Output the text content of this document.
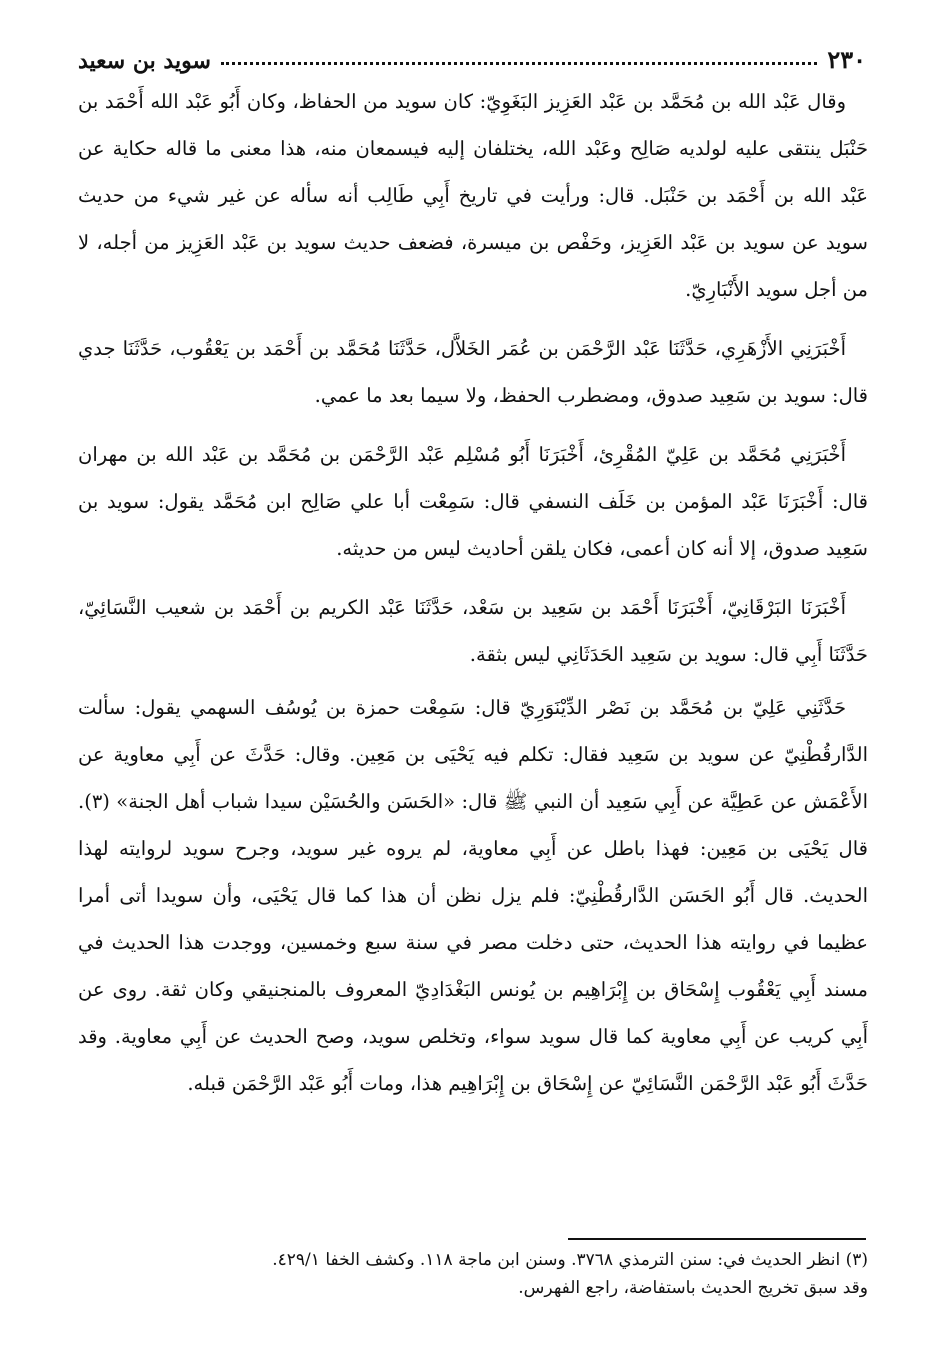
٢٣٠
سويد بن سعيد

وقال عَبْد الله بن مُحَمَّد بن عَبْد العَزِيز البَغَوِيّ: كان سويد من الحفاظ، وكان أَبُو عَبْد الله أَحْمَد بن حَنْبَل ينتقى عليه لولديه صَالِح وعَبْد الله، يختلفان إليه فيسمعان منه، هذا معنى ما قاله حكاية عن عَبْد الله بن أَحْمَد بن حَنْبَل. قال: ورأيت في تاريخ أَبِي طَالِب أنه سأله عن غير شيء من حديث سويد عن سويد بن عَبْد العَزِيز، وحَفْص بن ميسرة، فضعف حديث سويد بن عَبْد العَزِيز من أجله، لا من أجل سويد الأَنْبَارِيّ.

أَخْبَرَنِي الأَزْهَرِي، حَدَّثَنَا عَبْد الرَّحْمَن بن عُمَر الخَلاَّل، حَدَّثَنَا مُحَمَّد بن أَحْمَد بن يَعْقُوب، حَدَّثَنَا جدي قال: سويد بن سَعِيد صدوق، ومضطرب الحفظ، ولا سيما بعد ما عمي.

أَخْبَرَنِي مُحَمَّد بن عَلِيّ المُقْرِئ، أَخْبَرَنَا أَبُو مُسْلِم عَبْد الرَّحْمَن بن مُحَمَّد بن عَبْد الله بن مهران قال: أَخْبَرَنَا عَبْد المؤمن بن خَلَف النسفي قال: سَمِعْت أبا علي صَالِح ابن مُحَمَّد يقول: سويد بن سَعِيد صدوق، إلا أنه كان أعمى، فكان يلقن أحاديث ليس من حديثه.

أَخْبَرَنَا البَرْقَانِيّ، أَخْبَرَنَا أَحْمَد بن سَعِيد بن سَعْد، حَدَّثَنَا عَبْد الكريم بن أَحْمَد بن شعيب النَّسَائِيّ، حَدَّثَنَا أَبِي قال: سويد بن سَعِيد الحَدَثَانِي ليس بثقة.

حَدَّثَنِي عَلِيّ بن مُحَمَّد بن نَصْر الدِّيْنَوَرِيّ قال: سَمِعْت حمزة بن يُوسُف السهمي يقول: سألت الدَّارقُطْنِيّ عن سويد بن سَعِيد فقال: تكلم فيه يَحْيَى بن مَعِين. وقال: حَدَّثَ عن أَبِي معاوية عن الأَعْمَش عن عَطِيَّة عن أَبِي سَعِيد أن النبي ﷺ قال: «الحَسَن والحُسَيْن سيدا شباب أهل الجنة» (٣). قال يَحْيَى بن مَعِين: فهذا باطل عن أَبِي معاوية، لم يروه غير سويد، وجرح سويد لروايته لهذا الحديث. قال أَبُو الحَسَن الدَّارقُطْنِيّ: فلم يزل نظن أن هذا كما قال يَحْيَى، وأن سويدا أتى أمرا عظيما في روايته هذا الحديث، حتى دخلت مصر في سنة سبع وخمسين، ووجدت هذا الحديث في مسند أَبِي يَعْقُوب إِسْحَاق بن إِبْرَاهِيم بن يُونس البَغْدَادِيّ المعروف بالمنجنيقي وكان ثقة. روى عن أَبِي كريب عن أَبِي معاوية كما قال سويد سواء، وتخلص سويد، وصح الحديث عن أَبِي معاوية. وقد حَدَّثَ أَبُو عَبْد الرَّحْمَن النَّسَائِيّ عن إِسْحَاق بن إِبْرَاهِيم هذا، ومات أَبُو عَبْد الرَّحْمَن قبله.

(٣) انظر الحديث في: سنن الترمذي ٣٧٦٨. وسنن ابن ماجة ١١٨. وكشف الخفا ٤٢٩/١.

وقد سبق تخريج الحديث باستفاضة، راجع الفهرس.
